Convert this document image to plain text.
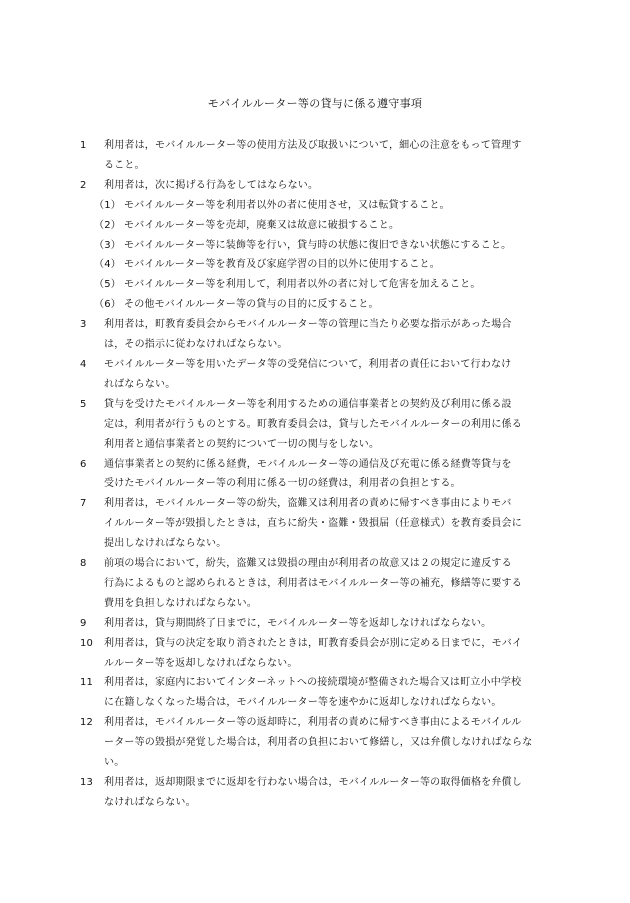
モバイルルーター等の貸与に係る遵守事項
1	利用者は，モバイルルーター等の使用方法及び取扱いについて，細心の注意をもって管理す
ること。
2	利用者は，次に掲げる行為をしてはならない。
（1） モバイルルーター等を利用者以外の者に使用させ，又は転貸すること。
（2） モバイルルーター等を売却，廃棄又は故意に破損すること。
（3） モバイルルーター等に装飾等を行い，貸与時の状態に復旧できない状態にすること。
（4） モバイルルーター等を教育及び家庭学習の目的以外に使用すること。
（5） モバイルルーター等を利用して，利用者以外の者に対して危害を加えること。
（6） その他モバイルルーター等の貸与の目的に反すること。
3	利用者は，町教育委員会からモバイルルーター等の管理に当たり必要な指示があった場合
は，その指示に従わなければならない。
4	モバイルルーター等を用いたデータ等の受発信について，利用者の責任において行わなけ
ればならない。
5	貸与を受けたモバイルルーター等を利用するための通信事業者との契約及び利用に係る設
定は，利用者が行うものとする。町教育委員会は，貸与したモバイルルーターの利用に係る
利用者と通信事業者との契約について一切の関与をしない。
6	通信事業者との契約に係る経費，モバイルルーター等の通信及び充電に係る経費等貸与を
受けたモバイルルーター等の利用に係る一切の経費は，利用者の負担とする。
7	利用者は，モバイルルーター等の紛失，盗難又は利用者の責めに帰すべき事由によりモバ
イルルーター等が毀損したときは，直ちに紛失・盗難・毀損届（任意様式）を教育委員会に
提出しなければならない。
8	前項の場合において，紛失，盗難又は毀損の理由が利用者の故意又は２の規定に違反する
行為によるものと認められるときは，利用者はモバイルルーター等の補充，修繕等に要する
費用を負担しなければならない。
9	利用者は，貸与期間終了日までに，モバイルルーター等を返却しなければならない。
10	利用者は，貸与の決定を取り消されたときは，町教育委員会が別に定める日までに，モバイ
ルルーター等を返却しなければならない。
11	利用者は，家庭内においてインターネットへの接続環境が整備された場合又は町立小中学校
に在籍しなくなった場合は，モバイルルーター等を速やかに返却しなければならない。
12	利用者は，モバイルルーター等の返却時に，利用者の責めに帰すべき事由によるモバイルル
ーター等の毀損が発覚した場合は，利用者の負担において修繕し，又は弁償しなければならな
い。
13	利用者は，返却期限までに返却を行わない場合は，モバイルルーター等の取得価格を弁償し
なければならない。
